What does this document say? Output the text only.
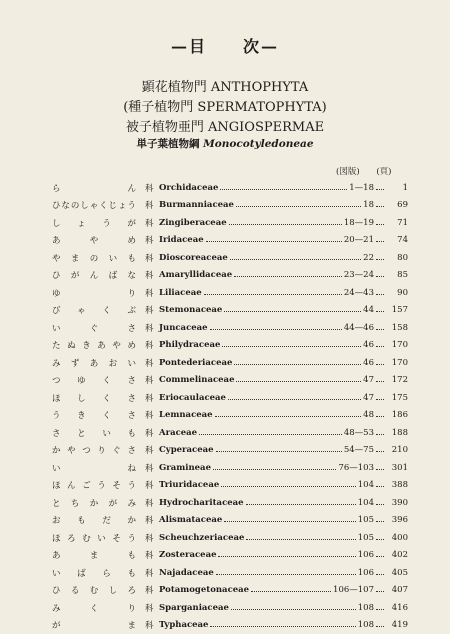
—目　　次—
顕花植物門 ANTHOPHYTA
(種子植物門 SPERMATOPHYTA)
被子植物亜門 ANGIOSPERMAE
単子葉植物綱 Monocotyledoneae
(図版) (頁)
ら	ん 科 Orchidaceae	1—18	1
ひ な の し ゃ く じ ょ う 科 Burmanniaceae	18	69
し ょ う が 科 Zingiberaceae	18—19	71
あ	や	め 科 Iridaceae	20—21	74
や ま の い も 科 Dioscoreaceae	22	80
ひ が ん ば な 科 Amaryllidaceae	23—24	85
ゆ	り 科 Liliaceae	24—43	90
び ゃ く ぶ 科 Stemonaceae	44	157
い	ぐ	さ 科 Juncaceae	44—46	158
た ぬ き あ や め 科 Philydraceae	46	170
み ず あ お い 科 Pontederiaceae	46	170
つ ゆ く さ 科 Commelinaceae	47	172
ほ し く さ 科 Eriocaulaceae	47	175
う き く さ 科 Lemnaceae	48	186
さ と い も 科 Araceae	48—53	188
か や つ り ぐ さ 科 Cyperaceae	54—75	210
い	ね 科 Gramineae	76—103	301
ほ ん ご う そ う 科 Triuridaceae	104	388
と ち か が み 科 Hydrocharitaceae	104	390
お も だ か 科 Alismataceae	105	396
ほ ろ む い そ う 科 Scheuchzeriaceae	105	400
あ	ま	も 科 Zosteraceae	106	402
い ば ら も 科 Najadaceae	106	405
ひ る む し ろ 科 Potamogetonaceae	106—107	407
み	く	り 科 Sparganiaceae	108	416
が	ま 科 Typhaceae	108	419
